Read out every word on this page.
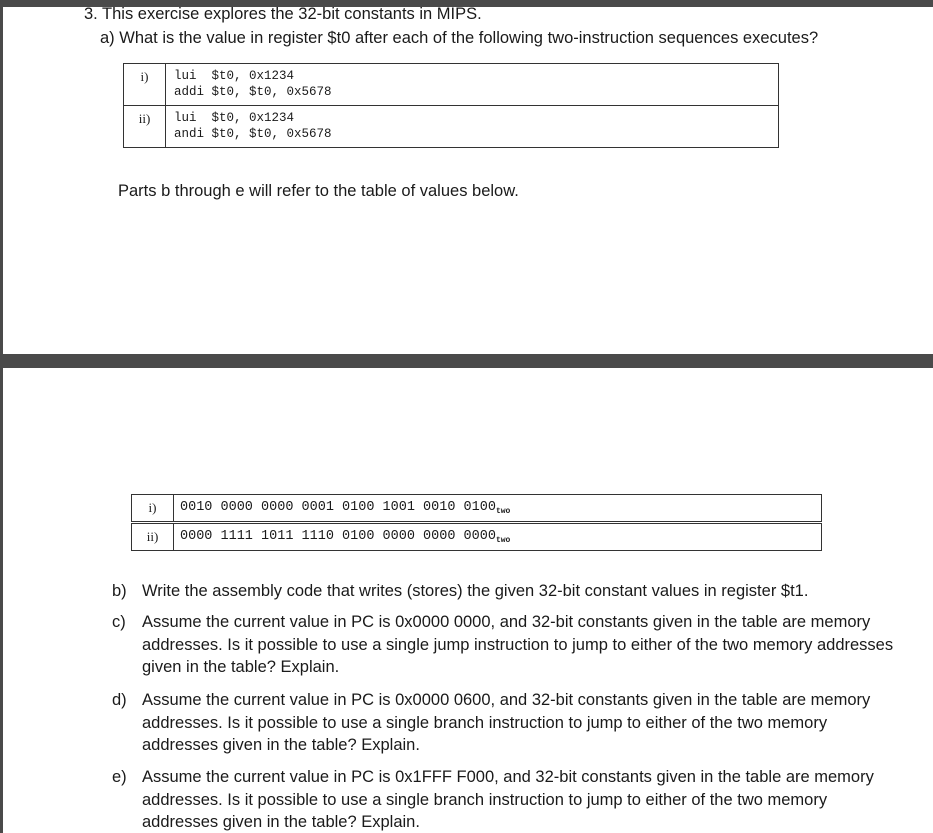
3. This exercise explores the 32-bit constants in MIPS.
a) What is the value in register $t0 after each of the following two-instruction sequences executes?
i)	lui  $t0, 0x1234
addi $t0, $t0, 0x5678

ii)	lui  $t0, 0x1234
andi $t0, $t0, 0x5678
Parts b through e will refer to the table of values below.
i)	0010 0000 0000 0001 0100 1001 0010 $0100_{two}$
ii)	0000 1111 1011 1110 0100 0000 0000 $0000_{two}$
b) Write the assembly code that writes (stores) the given 32-bit constant values in register $t1.
c) Assume the current value in PC is 0x0000 0000, and 32-bit constants given in the table are memory addresses. Is it possible to use a single jump instruction to jump to either of the two memory addresses given in the table? Explain.
d) Assume the current value in PC is 0x0000 0600, and 32-bit constants given in the table are memory addresses. Is it possible to use a single branch instruction to jump to either of the two memory addresses given in the table? Explain.
e) Assume the current value in PC is 0x1FFF F000, and 32-bit constants given in the table are memory addresses. Is it possible to use a single branch instruction to jump to either of the two memory addresses given in the table? Explain.
